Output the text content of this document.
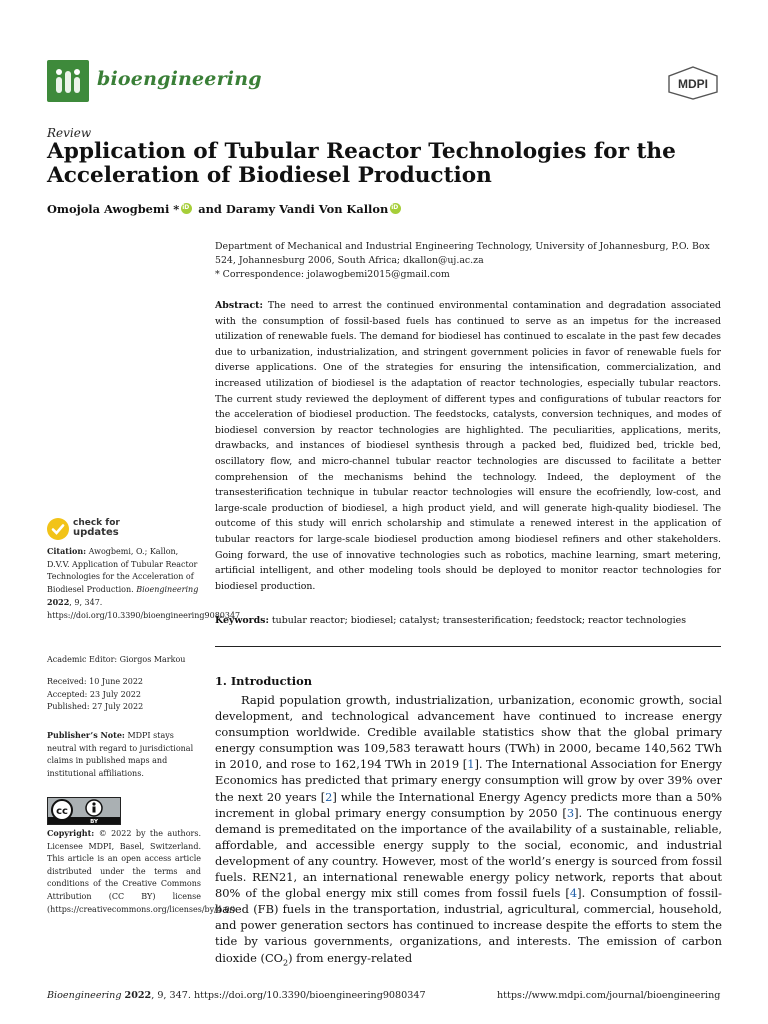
bioengineering	MDPI
Review
Application of Tubular Reactor Technologies for the Acceleration of Biodiesel Production
Omojola Awogbemi *iD and Daramy Vandi Von KalloniD
Department of Mechanical and Industrial Engineering Technology, University of Johannesburg, P.O. Box 524, Johannesburg 2006, South Africa; dkallon@uj.ac.za
* Correspondence: jolawogbemi2015@gmail.com
Abstract: The need to arrest the continued environmental contamination and degradation associated with the consumption of fossil-based fuels has continued to serve as an impetus for the increased utilization of renewable fuels. The demand for biodiesel has continued to escalate in the past few decades due to urbanization, industrialization, and stringent government policies in favor of renewable fuels for diverse applications. One of the strategies for ensuring the intensification, commercialization, and increased utilization of biodiesel is the adaptation of reactor technologies, especially tubular reactors. The current study reviewed the deployment of different types and configurations of tubular reactors for the acceleration of biodiesel production. The feedstocks, catalysts, conversion techniques, and modes of biodiesel conversion by reactor technologies are highlighted. The peculiarities, applications, merits, drawbacks, and instances of biodiesel synthesis through a packed bed, fluidized bed, trickle bed, oscillatory flow, and micro-channel tubular reactor technologies are discussed to facilitate a better comprehension of the mechanisms behind the technology. Indeed, the deployment of the transesterification technique in tubular reactor technologies will ensure the ecofriendly, low-cost, and large-scale production of biodiesel, a high product yield, and will generate high-quality biodiesel. The outcome of this study will enrich scholarship and stimulate a renewed interest in the application of tubular reactors for large-scale biodiesel production among biodiesel refiners and other stakeholders. Going forward, the use of innovative technologies such as robotics, machine learning, smart metering, artificial intelligent, and other modeling tools should be deployed to monitor reactor technologies for biodiesel production.
Keywords: tubular reactor; biodiesel; catalyst; transesterification; feedstock; reactor technologies
check for
updates
Citation: Awogbemi, O.; Kallon, D.V.V. Application of Tubular Reactor Technologies for the Acceleration of Biodiesel Production. Bioengineering 2022, 9, 347. https://doi.org/10.3390/bioengineering9080347
Academic Editor: Giorgos Markou
Received: 10 June 2022
Accepted: 23 July 2022
Published: 27 July 2022
Publisher’s Note: MDPI stays neutral with regard to jurisdictional claims in published maps and institutional affiliations.
cc
BY
Copyright: © 2022 by the authors. Licensee MDPI, Basel, Switzerland. This article is an open access article distributed under the terms and conditions of the Creative Commons Attribution (CC BY) license (https://creativecommons.org/licenses/by/4.0/).
1. Introduction
Rapid population growth, industrialization, urbanization, economic growth, social development, and technological advancement have continued to increase energy consumption worldwide. Credible available statistics show that the global primary energy consumption was 109,583 terawatt hours (TWh) in 2000, became 140,562 TWh in 2010, and rose to 162,194 TWh in 2019 [1]. The International Association for Energy Economics has predicted that primary energy consumption will grow by over 39% over the next 20 years [2] while the International Energy Agency predicts more than a 50% increment in global primary energy consumption by 2050 [3]. The continuous energy demand is premeditated on the importance of the availability of a sustainable, reliable, affordable, and accessible energy supply to the social, economic, and industrial development of any country. However, most of the world’s energy is sourced from fossil fuels. REN21, an international renewable energy policy network, reports that about 80% of the global energy mix still comes from fossil fuels [4]. Consumption of fossil-based (FB) fuels in the transportation, industrial, agricultural, commercial, household, and power generation sectors has continued to increase despite the efforts to stem the tide by various governments, organizations, and interests. The emission of carbon dioxide $(CO_2)$ from energy-related
Bioengineering 2022, 9, 347. https://doi.org/10.3390/bioengineering9080347	https://www.mdpi.com/journal/bioengineering
